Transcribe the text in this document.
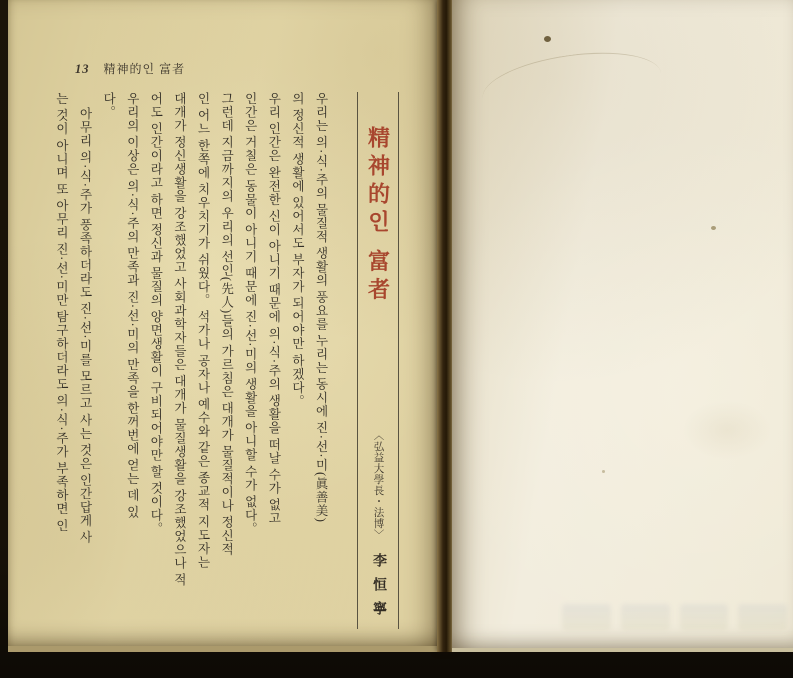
13 精神的인 富者
精神的인 富者
〈弘益大學長・法博〉
李恒寧
우리는 의·식·주의 물질적 생활의 풍요를 누리는 동시에 진·선·미(眞善美)
의 정신적 생활에 있어서도 부자가 되어야만 하겠다。
우리 인간은 완전한 신이 아니기 때문에 의·식·주의 생활을 떠날 수가 없고
인간은 거칠은 동물이 아니기 때문에 진·선·미의 생활을 아니할 수가 없다。
그런데 지금까지의 우리의 선인(先人)들의 가르침은 대개가 물질적이나 정신적
인 어느 한쪽에 치우치기가 쉬웠다。 석가나 공자나 예수와 같은 종교적 지도자는
대개가 정신생활을 강조했었고 사회과학자들은 대개가 물질생활을 강조했었으나 적
어도 인간이라고 하면 정신과 물질의 양면생활이 구비되어야만 할 것이다。
우리의 이상은 의·식·주의 만족과 진·선·미의 만족을 한꺼번에 얻는 데 있
다。
아무리 의·식·주가 풍족하더라도 진·선·미를 모르고 사는 것은 인간답게 사
는 것이 아니며 또 아무리 진·선·미만 탐구하더라도 의·식·주가 부족하면 인
